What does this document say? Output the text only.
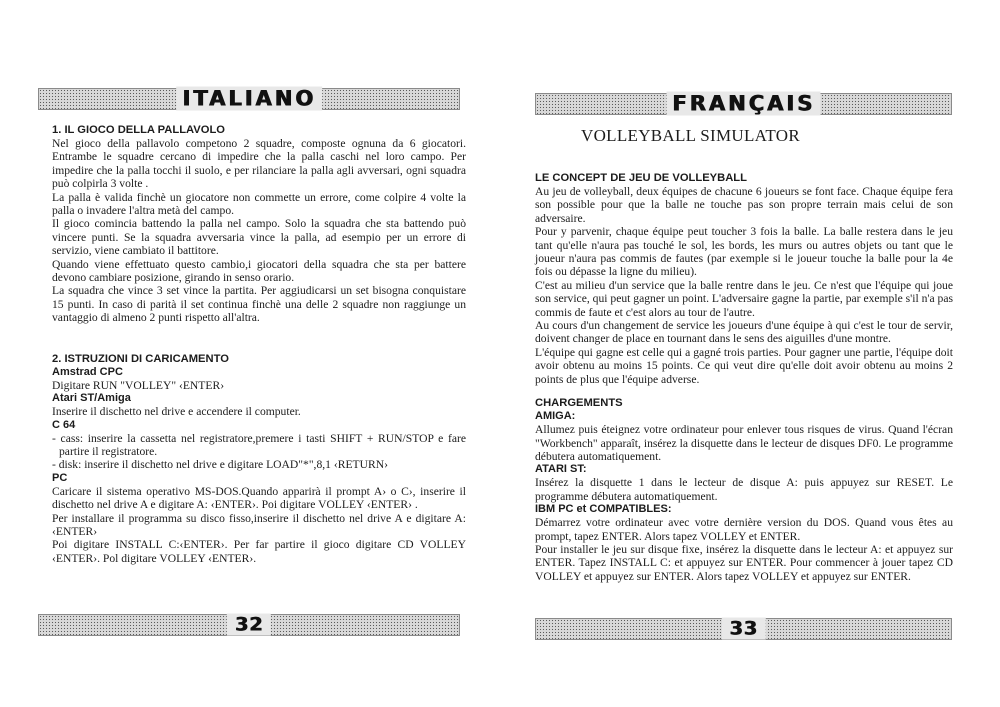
ITALIANO

1. IL GIOCO DELLA PALLAVOLO

Nel gioco della pallavolo competono 2 squadre, composte ognuna da 6 giocatori. Entrambe le squadre cercano di impedire che la palla caschi nel loro campo. Per impedire che la palla tocchi il suolo, e per rilanciare la palla agli avversari, ogni squadra può colpirla 3 volte .

La palla è valida finchè un giocatore non commette un errore, come colpire 4 volte la palla o invadere l'altra metà del campo.

Il gioco comincia battendo la palla nel campo. Solo la squadra che sta battendo può vincere punti. Se la squadra avversaria vince la palla, ad esempio per un errore di servizio, viene cambiato il battitore.

Quando viene effettuato questo cambio,i giocatori della squadra che sta per battere devono cambiare posizione, girando in senso orario.

La squadra che vince 3 set vince la partita. Per aggiudicarsi un set bisogna conquistare 15 punti. In caso di parità il set continua finchè una delle 2 squadre non raggiunge un vantaggio di almeno 2 punti rispetto all'altra.

2. ISTRUZIONI DI CARICAMENTO

Amstrad CPC

Digitare RUN "VOLLEY" ‹ENTER›

Atari ST/Amiga

Inserire il dischetto nel drive e accendere il computer.

C 64

- cass: inserire la cassetta nel registratore,premere i tasti SHIFT + RUN/STOP e fare partire il registratore.

- disk: inserire il dischetto nel drive e digitare LOAD"*",8,1 ‹RETURN›

PC

Caricare il sistema operativo MS-DOS.Quando apparirà il prompt A› o C›, inserire il dischetto nel drive A e digitare A: ‹ENTER›. Poi digitare VOLLEY ‹ENTER› .

Per installare il programma su disco fisso,inserire il dischetto nel drive A e digitare A: ‹ENTER›

Poi digitare INSTALL C:‹ENTER›. Per far partire il gioco digitare CD VOLLEY ‹ENTER›. Pol digitare VOLLEY ‹ENTER›.

32
FRANÇAIS
VOLLEYBALL SIMULATOR

LE CONCEPT DE JEU DE VOLLEYBALL

Au jeu de volleyball, deux équipes de chacune 6 joueurs se font face. Chaque équipe fera son possible pour que la balle ne touche pas son propre terrain mais celui de son adversaire.

Pour y parvenir, chaque équipe peut toucher 3 fois la balle. La balle restera dans le jeu tant qu'elle n'aura pas touché le sol, les bords, les murs ou autres objets ou tant que le joueur n'aura pas commis de fautes (par exemple si le joueur touche la balle pour la 4e fois ou dépasse la ligne du milieu).

C'est au milieu d'un service que la balle rentre dans le jeu. Ce n'est que l'équipe qui joue son service, qui peut gagner un point. L'adversaire gagne la partie, par exemple s'il n'a pas commis de faute et c'est alors au tour de l'autre.

Au cours d'un changement de service les joueurs d'une équipe à qui c'est le tour de servir, doivent changer de place en tournant dans le sens des aiguilles d'une montre.

L'équipe qui gagne est celle qui a gagné trois parties. Pour gagner une partie, l'équipe doit avoir obtenu au moins 15 points. Ce qui veut dire qu'elle doit avoir obtenu au moins 2 points de plus que l'équipe adverse.

CHARGEMENTS

AMIGA:

Allumez puis éteignez votre ordinateur pour enlever tous risques de virus. Quand l'écran "Workbench" apparaît, insérez la disquette dans le lecteur de disques DF0. Le programme débutera automatiquement.

ATARI ST:

Insérez la disquette 1 dans le lecteur de disque A: puis appuyez sur RESET. Le programme débutera automatiquement.

IBM PC et COMPATIBLES:

Démarrez votre ordinateur avec votre dernière version du DOS. Quand vous êtes au prompt, tapez ENTER. Alors tapez VOLLEY et ENTER.

Pour installer le jeu sur disque fixe, insérez la disquette dans le lecteur A: et appuyez sur ENTER. Tapez INSTALL C: et appuyez sur ENTER. Pour commencer à jouer tapez CD VOLLEY et appuyez sur ENTER. Alors tapez VOLLEY et appuyez sur ENTER.

33
